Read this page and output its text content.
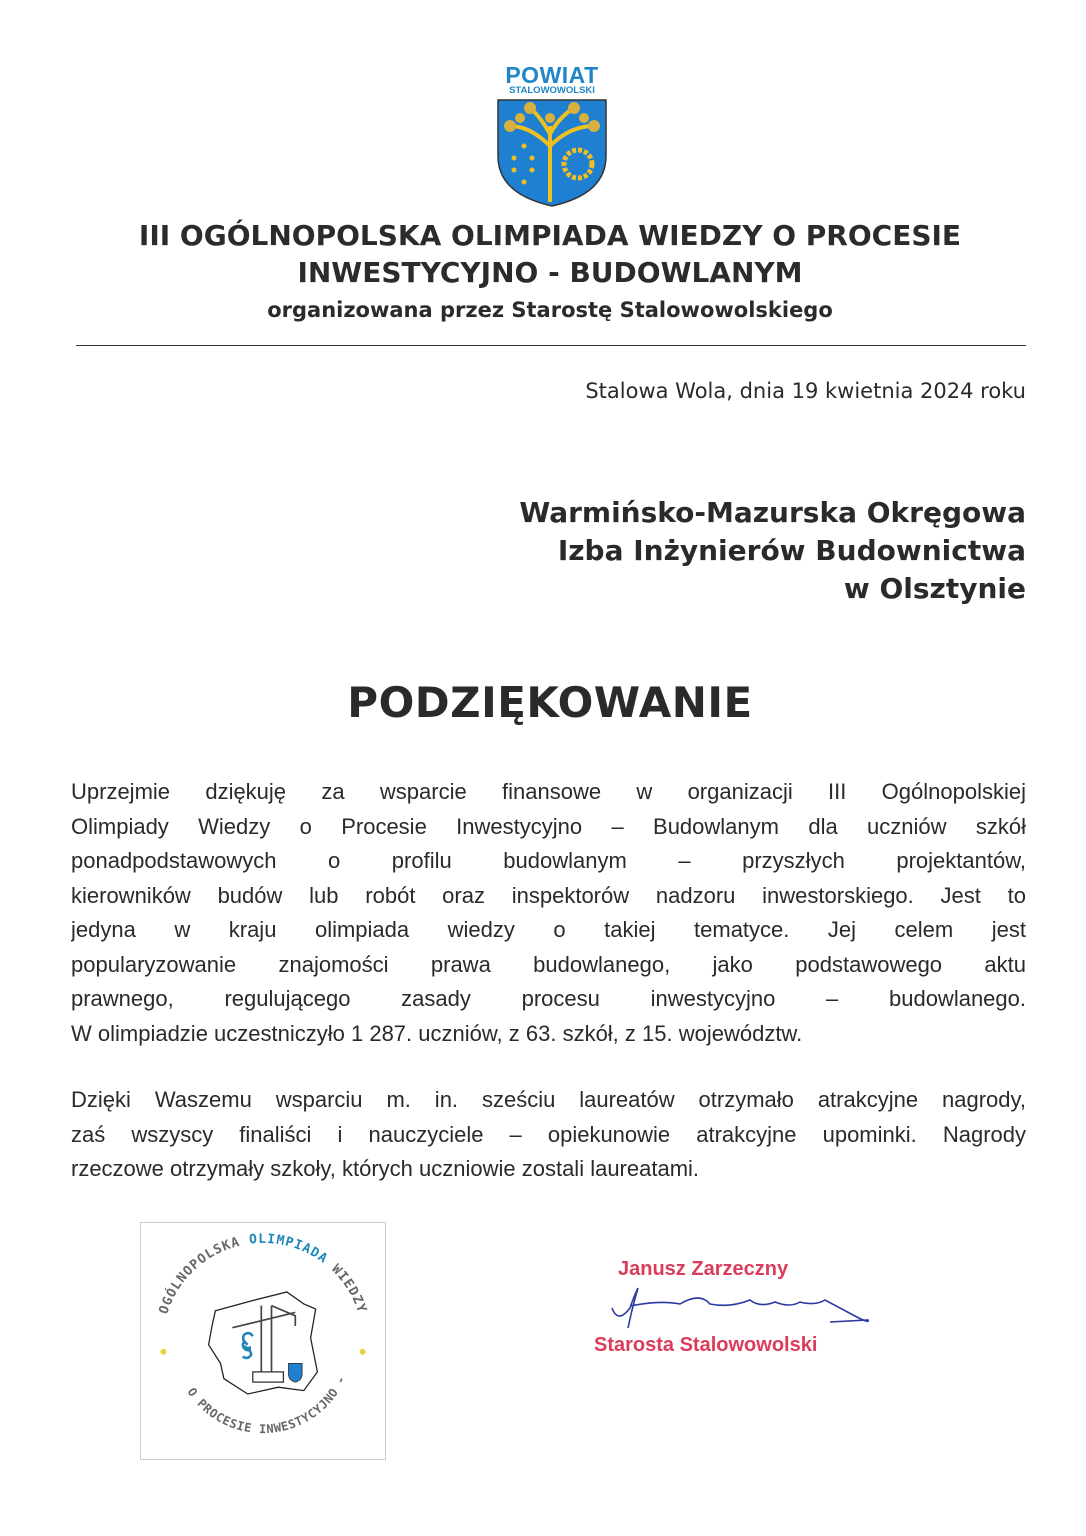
POWIAT
STALOWOWOLSKI
III OGÓLNOPOLSKA OLIMPIADA WIEDZY O PROCESIE
INWESTYCYJNO - BUDOWLANYM
organizowana przez Starostę Stalowowolskiego
Stalowa Wola, dnia 19 kwietnia 2024 roku
Warmińsko-Mazurska Okręgowa
Izba Inżynierów Budownictwa
w Olsztynie
PODZIĘKOWANIE
Uprzejmie dziękuję za wsparcie finansowe w organizacji III Ogólnopolskiej
Olimpiady Wiedzy o Procesie Inwestycyjno – Budowlanym dla uczniów szkół
ponadpodstawowych o profilu budowlanym – przyszłych projektantów,
kierowników budów lub robót oraz inspektorów nadzoru inwestorskiego. Jest to
jedyna w kraju olimpiada wiedzy o takiej tematyce. Jej celem jest
popularyzowanie znajomości prawa budowlanego, jako podstawowego aktu
prawnego, regulującego zasady procesu inwestycyjno – budowlanego.
W olimpiadzie uczestniczyło 1 287. uczniów, z 63. szkół, z 15. województw.
Dzięki Waszemu wsparciu m. in. sześciu laureatów otrzymało atrakcyjne nagrody,
zaś wszyscy finaliści i nauczyciele – opiekunowie atrakcyjne upominki. Nagrody
rzeczowe otrzymały szkoły, których uczniowie zostali laureatami.
OGÓLNOPOLSKA OLIMPIADA WIEDZY
O PROCESIE INWESTYCYJNO -
Janusz Zarzeczny
Starosta Stalowowolski
